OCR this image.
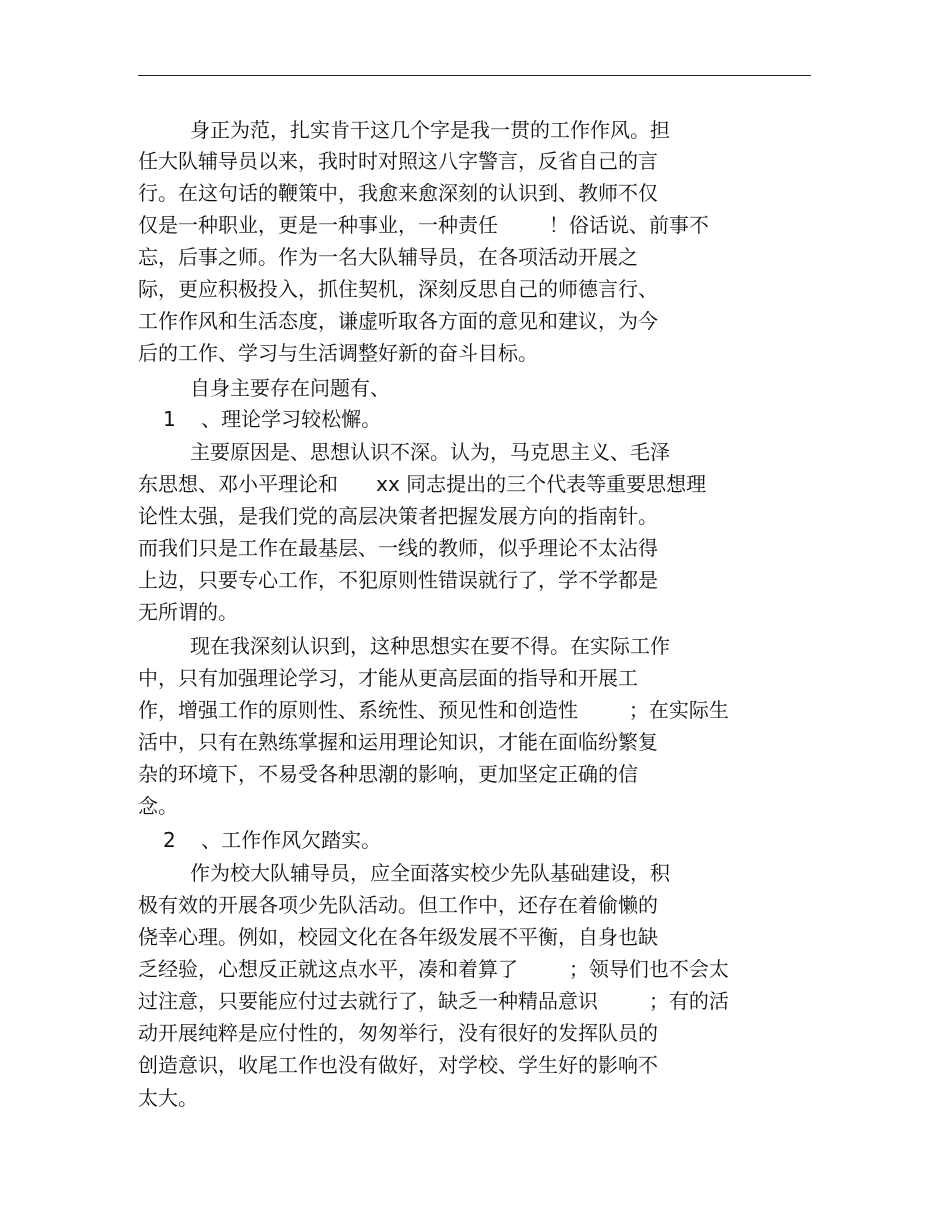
身正为范，扎实肯干这几个字是我一贯的工作作风。担
任大队辅导员以来，我时时对照这八字警言，反省自己的言
行。在这句话的鞭策中，我愈来愈深刻的认识到、教师不仅
仅是一种职业，更是一种事业，一种责任        ！俗话说、前事不
忘，后事之师。作为一名大队辅导员，在各项活动开展之
际，更应积极投入，抓住契机，深刻反思自己的师德言行、
工作作风和生活态度，谦虚听取各方面的意见和建议，为今
后的工作、学习与生活调整好新的奋斗目标。
自身主要存在问题有、
1    、理论学习较松懈。
主要原因是、思想认识不深。认为，马克思主义、毛泽
东思想、邓小平理论和      xx 同志提出的三个代表等重要思想理
论性太强，是我们党的高层决策者把握发展方向的指南针。
而我们只是工作在最基层、一线的教师，似乎理论不太沾得
上边，只要专心工作，不犯原则性错误就行了，学不学都是
无所谓的。
现在我深刻认识到，这种思想实在要不得。在实际工作
中，只有加强理论学习，才能从更高层面的指导和开展工
作，增强工作的原则性、系统性、预见性和创造性        ；在实际生
活中，只有在熟练掌握和运用理论知识，才能在面临纷繁复
杂的环境下，不易受各种思潮的影响，更加坚定正确的信
念。
2    、工作作风欠踏实。
作为校大队辅导员，应全面落实校少先队基础建设，积
极有效的开展各项少先队活动。但工作中，还存在着偷懒的
侥幸心理。例如，校园文化在各年级发展不平衡，自身也缺
乏经验，心想反正就这点水平，凑和着算了        ；领导们也不会太
过注意，只要能应付过去就行了，缺乏一种精品意识        ；有的活
动开展纯粹是应付性的，匆匆举行，没有很好的发挥队员的
创造意识，收尾工作也没有做好，对学校、学生好的影响不
太大。
